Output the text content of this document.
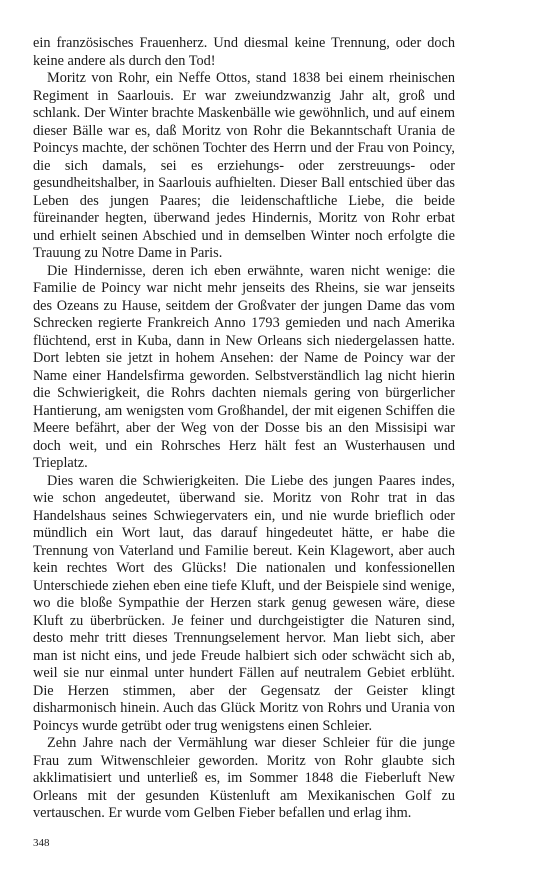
ein französisches Frauenherz. Und diesmal keine Trennung, oder doch keine andere als durch den Tod!

Moritz von Rohr, ein Neffe Ottos, stand 1838 bei einem rheinischen Regiment in Saarlouis. Er war zweiundzwanzig Jahr alt, groß und schlank. Der Winter brachte Maskenbälle wie gewöhnlich, und auf einem dieser Bälle war es, daß Moritz von Rohr die Bekanntschaft Urania de Poincys machte, der schönen Tochter des Herrn und der Frau von Poincy, die sich damals, sei es erziehungs- oder zerstreuungs- oder gesundheitshalber, in Saarlouis aufhielten. Dieser Ball entschied über das Leben des jungen Paares; die leidenschaftliche Liebe, die beide füreinander hegten, überwand jedes Hindernis, Moritz von Rohr erbat und erhielt seinen Abschied und in demselben Winter noch erfolgte die Trauung zu Notre Dame in Paris.

Die Hindernisse, deren ich eben erwähnte, waren nicht wenige: die Familie de Poincy war nicht mehr jenseits des Rheins, sie war jenseits des Ozeans zu Hause, seitdem der Großvater der jungen Dame das vom Schrecken regierte Frankreich Anno 1793 gemieden und nach Amerika flüchtend, erst in Kuba, dann in New Orleans sich niedergelassen hatte. Dort lebten sie jetzt in hohem Ansehen: der Name de Poincy war der Name einer Handelsfirma geworden. Selbstverständlich lag nicht hierin die Schwierigkeit, die Rohrs dachten niemals gering von bürgerlicher Hantierung, am wenigsten vom Großhandel, der mit eigenen Schiffen die Meere befährt, aber der Weg von der Dosse bis an den Missisipi war doch weit, und ein Rohrsches Herz hält fest an Wusterhausen und Trieplatz.

Dies waren die Schwierigkeiten. Die Liebe des jungen Paares indes, wie schon angedeutet, überwand sie. Moritz von Rohr trat in das Handelshaus seines Schwiegervaters ein, und nie wurde brieflich oder mündlich ein Wort laut, das darauf hingedeutet hätte, er habe die Trennung von Vaterland und Familie bereut. Kein Klagewort, aber auch kein rechtes Wort des Glücks! Die nationalen und konfessionellen Unterschiede ziehen eben eine tiefe Kluft, und der Beispiele sind wenige, wo die bloße Sympathie der Herzen stark genug gewesen wäre, diese Kluft zu überbrücken. Je feiner und durchgeistigter die Naturen sind, desto mehr tritt dieses Trennungselement hervor. Man liebt sich, aber man ist nicht eins, und jede Freude halbiert sich oder schwächt sich ab, weil sie nur einmal unter hundert Fällen auf neutralem Gebiet erblüht. Die Herzen stimmen, aber der Gegensatz der Geister klingt disharmonisch hinein. Auch das Glück Moritz von Rohrs und Urania von Poincys wurde getrübt oder trug wenigstens einen Schleier.

Zehn Jahre nach der Vermählung war dieser Schleier für die junge Frau zum Witwenschleier geworden. Moritz von Rohr glaubte sich akklimatisiert und unterließ es, im Sommer 1848 die Fieberluft New Orleans mit der gesunden Küstenluft am Mexikanischen Golf zu vertauschen. Er wurde vom Gelben Fieber befallen und erlag ihm.

348
